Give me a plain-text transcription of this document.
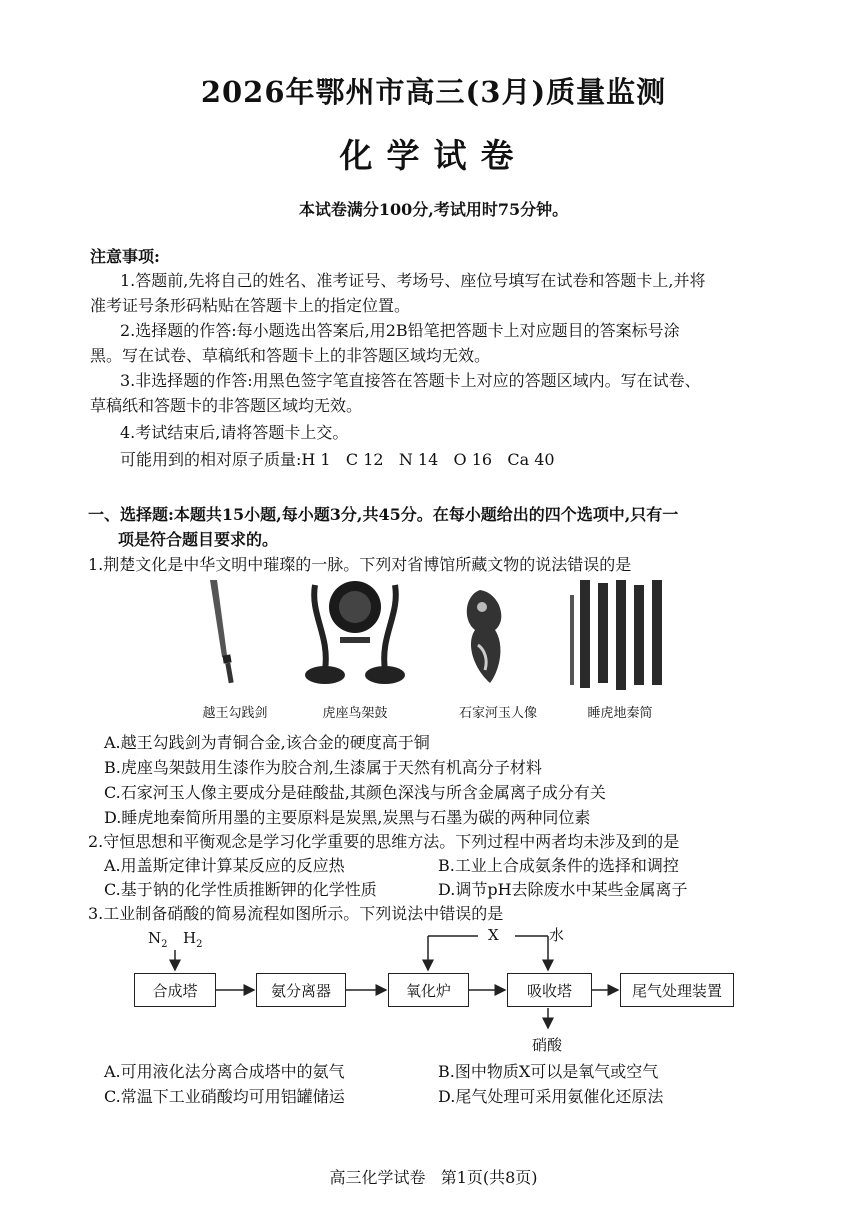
2026年鄂州市高三(3月)质量监测
化学试卷
本试卷满分100分,考试用时75分钟。
注意事项:
1.答题前,先将自己的姓名、准考证号、考场号、座位号填写在试卷和答题卡上,并将
准考证号条形码粘贴在答题卡上的指定位置。
2.选择题的作答:每小题选出答案后,用2B铅笔把答题卡上对应题目的答案标号涂
黑。写在试卷、草稿纸和答题卡上的非答题区域均无效。
3.非选择题的作答:用黑色签字笔直接答在答题卡上对应的答题区域内。写在试卷、
草稿纸和答题卡的非答题区域均无效。
4.考试结束后,请将答题卡上交。
可能用到的相对原子质量:H 1   C 12   N 14   O 16   Ca 40
一、选择题:本题共15小题,每小题3分,共45分。在每小题给出的四个选项中,只有一
项是符合题目要求的。
1.荆楚文化是中华文明中璀璨的一脉。下列对省博馆所藏文物的说法错误的是
越王勾践剑	虎座鸟架鼓	石家河玉人像	睡虎地秦简
A.越王勾践剑为青铜合金,该合金的硬度高于铜
B.虎座鸟架鼓用生漆作为胶合剂,生漆属于天然有机高分子材料
C.石家河玉人像主要成分是硅酸盐,其颜色深浅与所含金属离子成分有关
D.睡虎地秦简所用墨的主要原料是炭黑,炭黑与石墨为碳的两种同位素
2.守恒思想和平衡观念是学习化学重要的思维方法。下列过程中两者均未涉及到的是
A.用盖斯定律计算某反应的反应热	B.工业上合成氨条件的选择和调控
C.基于钠的化学性质推断钾的化学性质	D.调节pH去除废水中某些金属离子
3.工业制备硝酸的简易流程如图所示。下列说法中错误的是
$N_2$ $H_2$
X	水
合成塔	氨分离器	氧化炉	吸收塔	尾气处理装置
硝酸
A.可用液化法分离合成塔中的氨气	B.图中物质X可以是氧气或空气
C.常温下工业硝酸均可用铝罐储运	D.尾气处理可采用氨催化还原法
高三化学试卷   第1页(共8页)
